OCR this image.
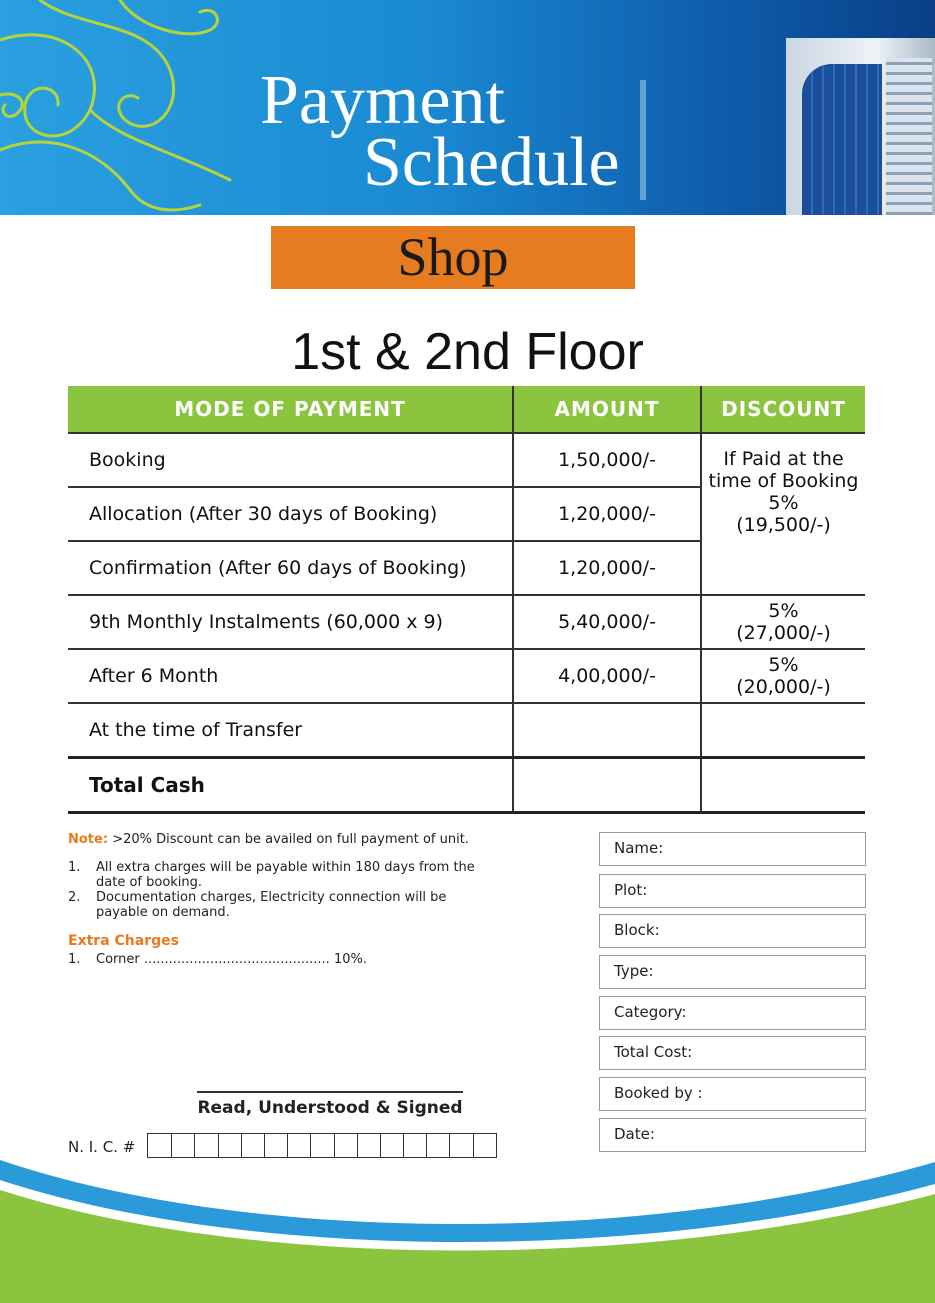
Payment
Schedule
Shop
1st & 2nd Floor
MODE OF PAYMENT	AMOUNT	DISCOUNT
Booking	1,50,000/-	If Paid at the
time of Booking
5%
(19,500/-)

Allocation (After 30 days of Booking)	1,20,000/-	
Confirmation (After 60 days of Booking)	1,20,000/-	
9th Monthly Instalments (60,000 x 9)	5,40,000/-	5%
(27,000/-)

After 6 Month	4,00,000/-	5%
(20,000/-)

At the time of Transfer		
Total Cash		
Note: >20% Discount can be availed on full payment of unit.
1. All extra charges will be payable within 180 days from the date of booking.
2. Documentation charges, Electricity connection will be payable on demand.
Extra Charges
1. Corner ............................................. 10%.
Read, Understood & Signed
N. I. C. #
Name:
Plot:
Block:
Type:
Category:
Total Cost:
Booked by :
Date:
